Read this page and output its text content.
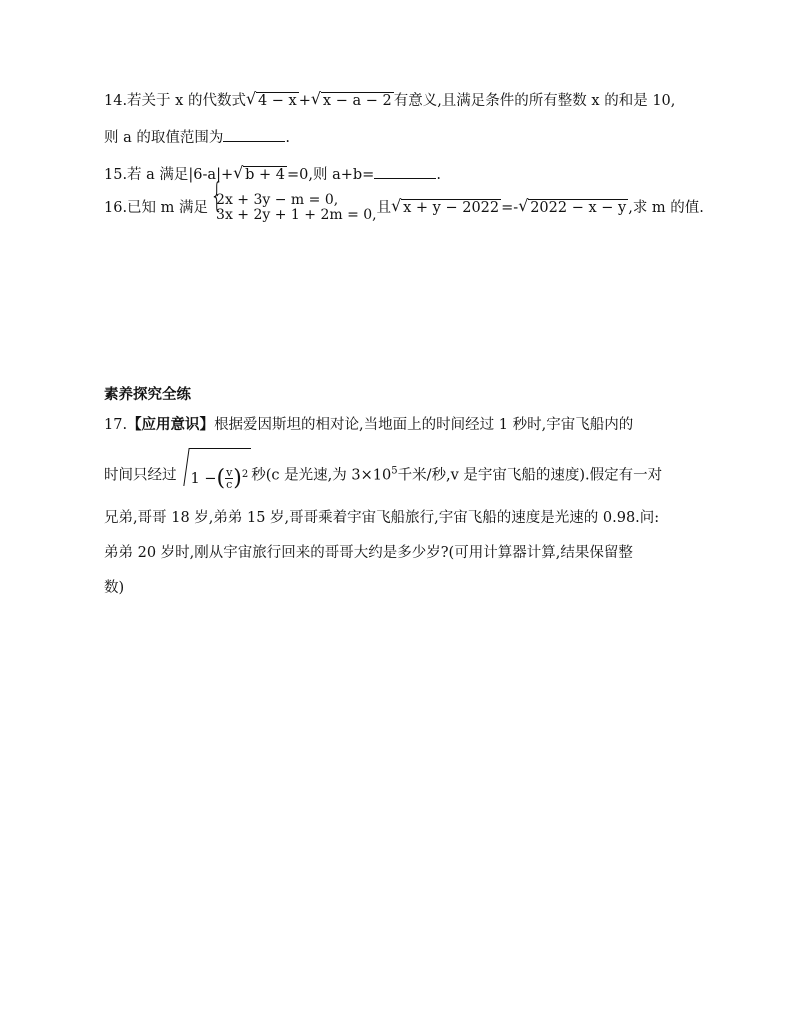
14.若关于 x 的代数式 √ 4 − x + √ x − a − 2 有意义,且满足条件的所有整数 x 的和是 10,
则 a 的取值范围为	.
15.若 a 满足|6-a|+ √ b + 4 =0,则 a+b=	.
16.已知 m 满足 { 2x + 3y − m = 0,
3x + 2y + 1 + 2m = 0, 且 √ x + y − 2022 =- √ 2022 − x − y ,求 m 的值.
素养探究全练
17.【应用意识】根据爱因斯坦的相对论,当地面上的时间经过 1 秒时,宇宙飞船内的
时间只经过 1 −( $\frac{v}{c} )^2$ 秒(c 是光速,为 $3\times 10^5$千米/秒,v 是宇宙飞船的速度).假定有一对
兄弟,哥哥 18 岁,弟弟 15 岁,哥哥乘着宇宙飞船旅行,宇宙飞船的速度是光速的 0.98.问:
弟弟 20 岁时,刚从宇宙旅行回来的哥哥大约是多少岁?(可用计算器计算,结果保留整
数)
